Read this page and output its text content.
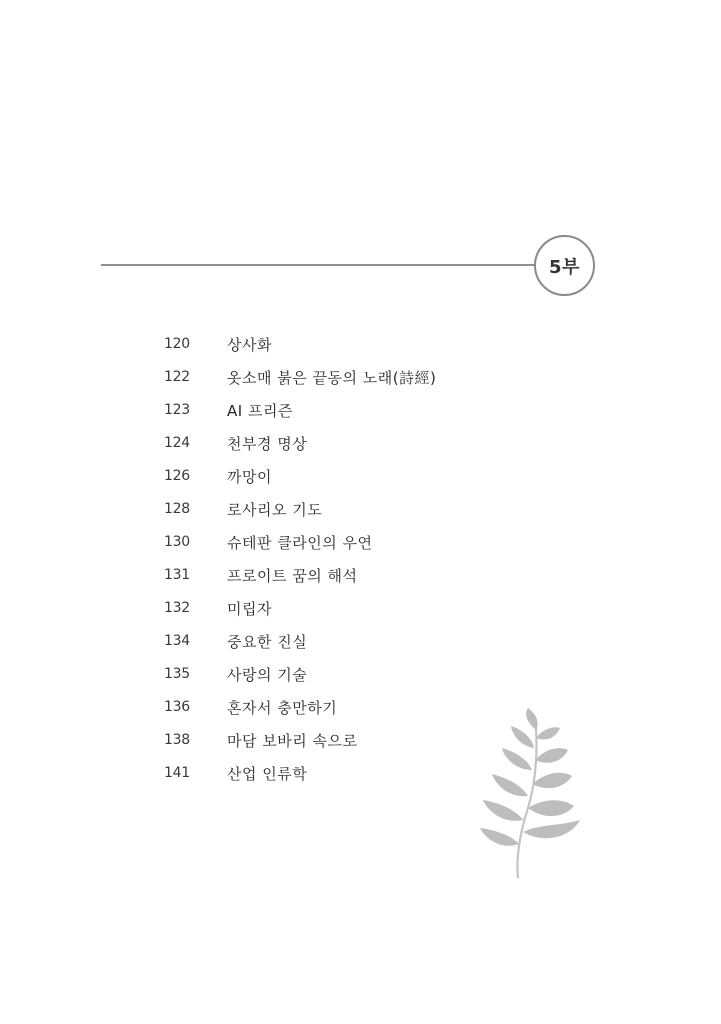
5부
120 상사화
122 옷소매 붉은 끝동의 노래(詩經)
123 AI 프리즌
124 천부경 명상
126 까망이
128 로사리오 기도
130 슈테판 클라인의 우연
131 프로이트 꿈의 해석
132 미립자
134 중요한 진실
135 사랑의 기술
136 혼자서 충만하기
138 마담 보바리 속으로
141 산업 인류학
